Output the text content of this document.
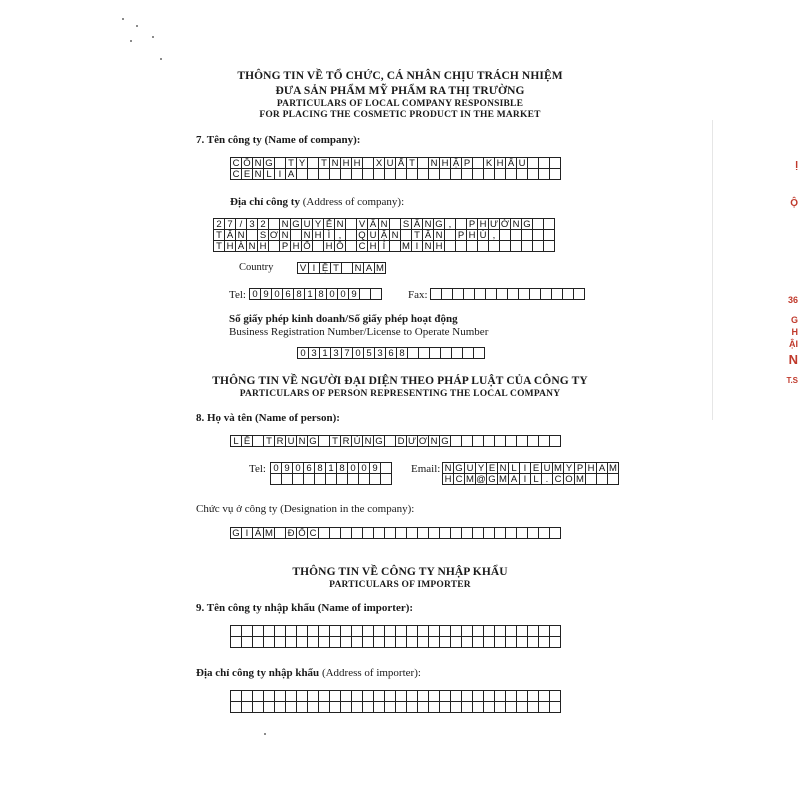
THÔNG TIN VỀ TỔ CHỨC, CÁ NHÂN CHỊU TRÁCH NHIỆM
ĐƯA SẢN PHẨM MỸ PHẨM RA THỊ TRƯỜNG
PARTICULARS OF LOCAL COMPANY RESPONSIBLE
FOR PLACING THE COSMETIC PRODUCT IN THE MARKET
7. Tên công ty (Name of company):
C Ô N G	T Y	T N H H X U Ấ T	N H Ậ P K H Ẩ U
C E N L I A
Địa chỉ công ty (Address of company):
2 7 / 3 2	N G U Y Ễ N V Ă N S Ă N G ,	P H Ư Ờ N G
T Â N S Ơ N N H Ì ,	Q U Ậ N	T Â N P H Ú ,
T H À N H P H Ố H Ồ C H Í	M I N H
Country	V I Ệ T	N A M
Tel: 0 9 0 6 8 1 8 0 0 9	Fax:
Số giấy phép kinh doanh/Số giấy phép hoạt động
Business Registration Number/License to Operate Number
0 3 1 3 7 0 5 3 6 8
THÔNG TIN VỀ NGƯỜI ĐẠI DIỆN THEO PHÁP LUẬT CỦA CÔNG TY
PARTICULARS OF PERSON REPRESENTING THE LOCAL COMPANY
8. Họ và tên (Name of person):
L Ê	T R U N G	T R Ù N G D Ư Ơ N G
Tel: 0 9 0 6 8 1 8 0 0 9	Email: N G U Y E N L I E U M Y P H A M
H C M @ G M A I L . C O M
Chức vụ ở công ty (Designation in the company):
G I Á M Đ Ố C
THÔNG TIN VỀ CÔNG TY NHẬP KHẨU
PARTICULARS OF IMPORTER
9. Tên công ty nhập khẩu (Name of importer):
Địa chỉ công ty nhập khẩu (Address of importer):
Ị
Ộ
36
G
H
ẬI
N
T.S
